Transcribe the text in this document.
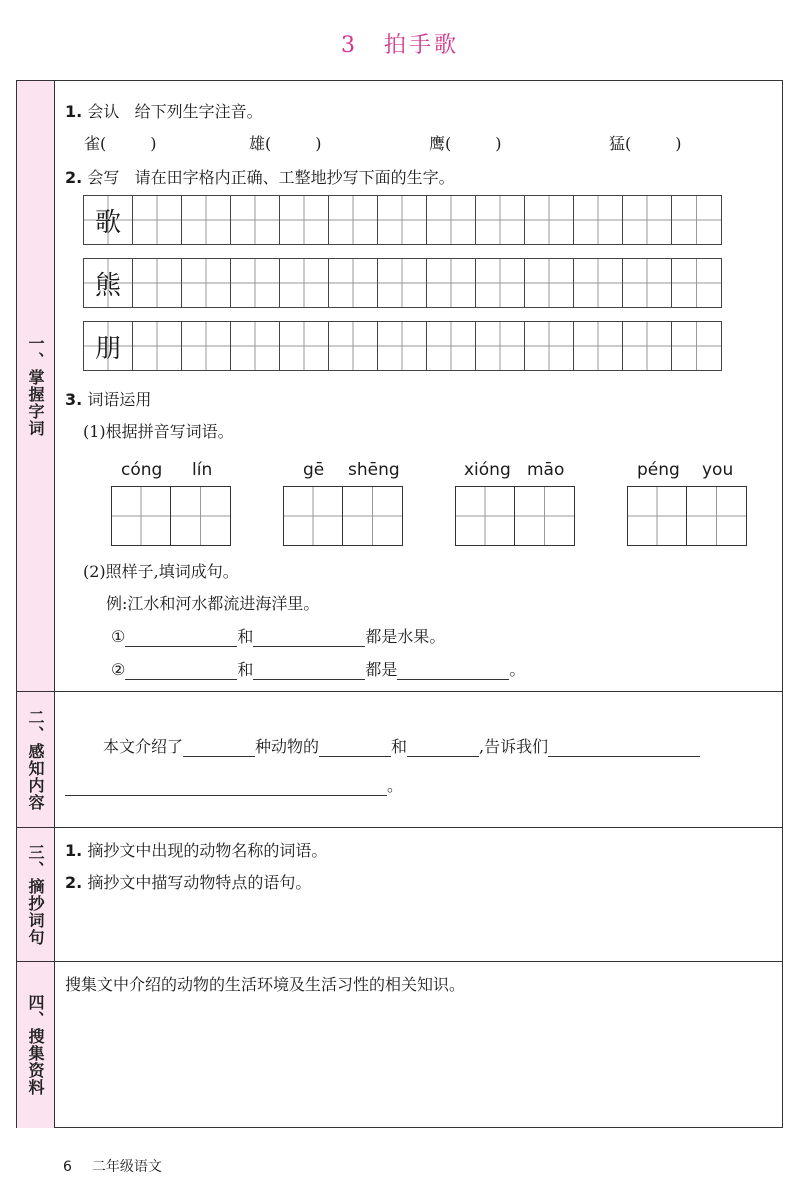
3 拍手歌
一、掌握字词
1. 会认 给下列生字注音。
雀(	)	雄(	)	鹰(	)	猛(	)
2. 会写 请在田字格内正确、工整地抄写下面的生字。
歌
熊
朋
3. 词语运用
(1)根据拼音写词语。
cóng lín	gē shēng	xióng māo	péng you
(2)照样子,填词成句。
例:江水和河水都流进海洋里。
①	和	都是水果。
②	和	都是	。
二、感知内容	本文介绍了	种动物的	和	,告诉我们
。
三、摘抄词句 1. 摘抄文中出现的动物名称的词语。
2. 摘抄文中描写动物特点的语句。
四、搜集资料
搜集文中介绍的动物的生活环境及生活习性的相关知识。
6 二年级语文
